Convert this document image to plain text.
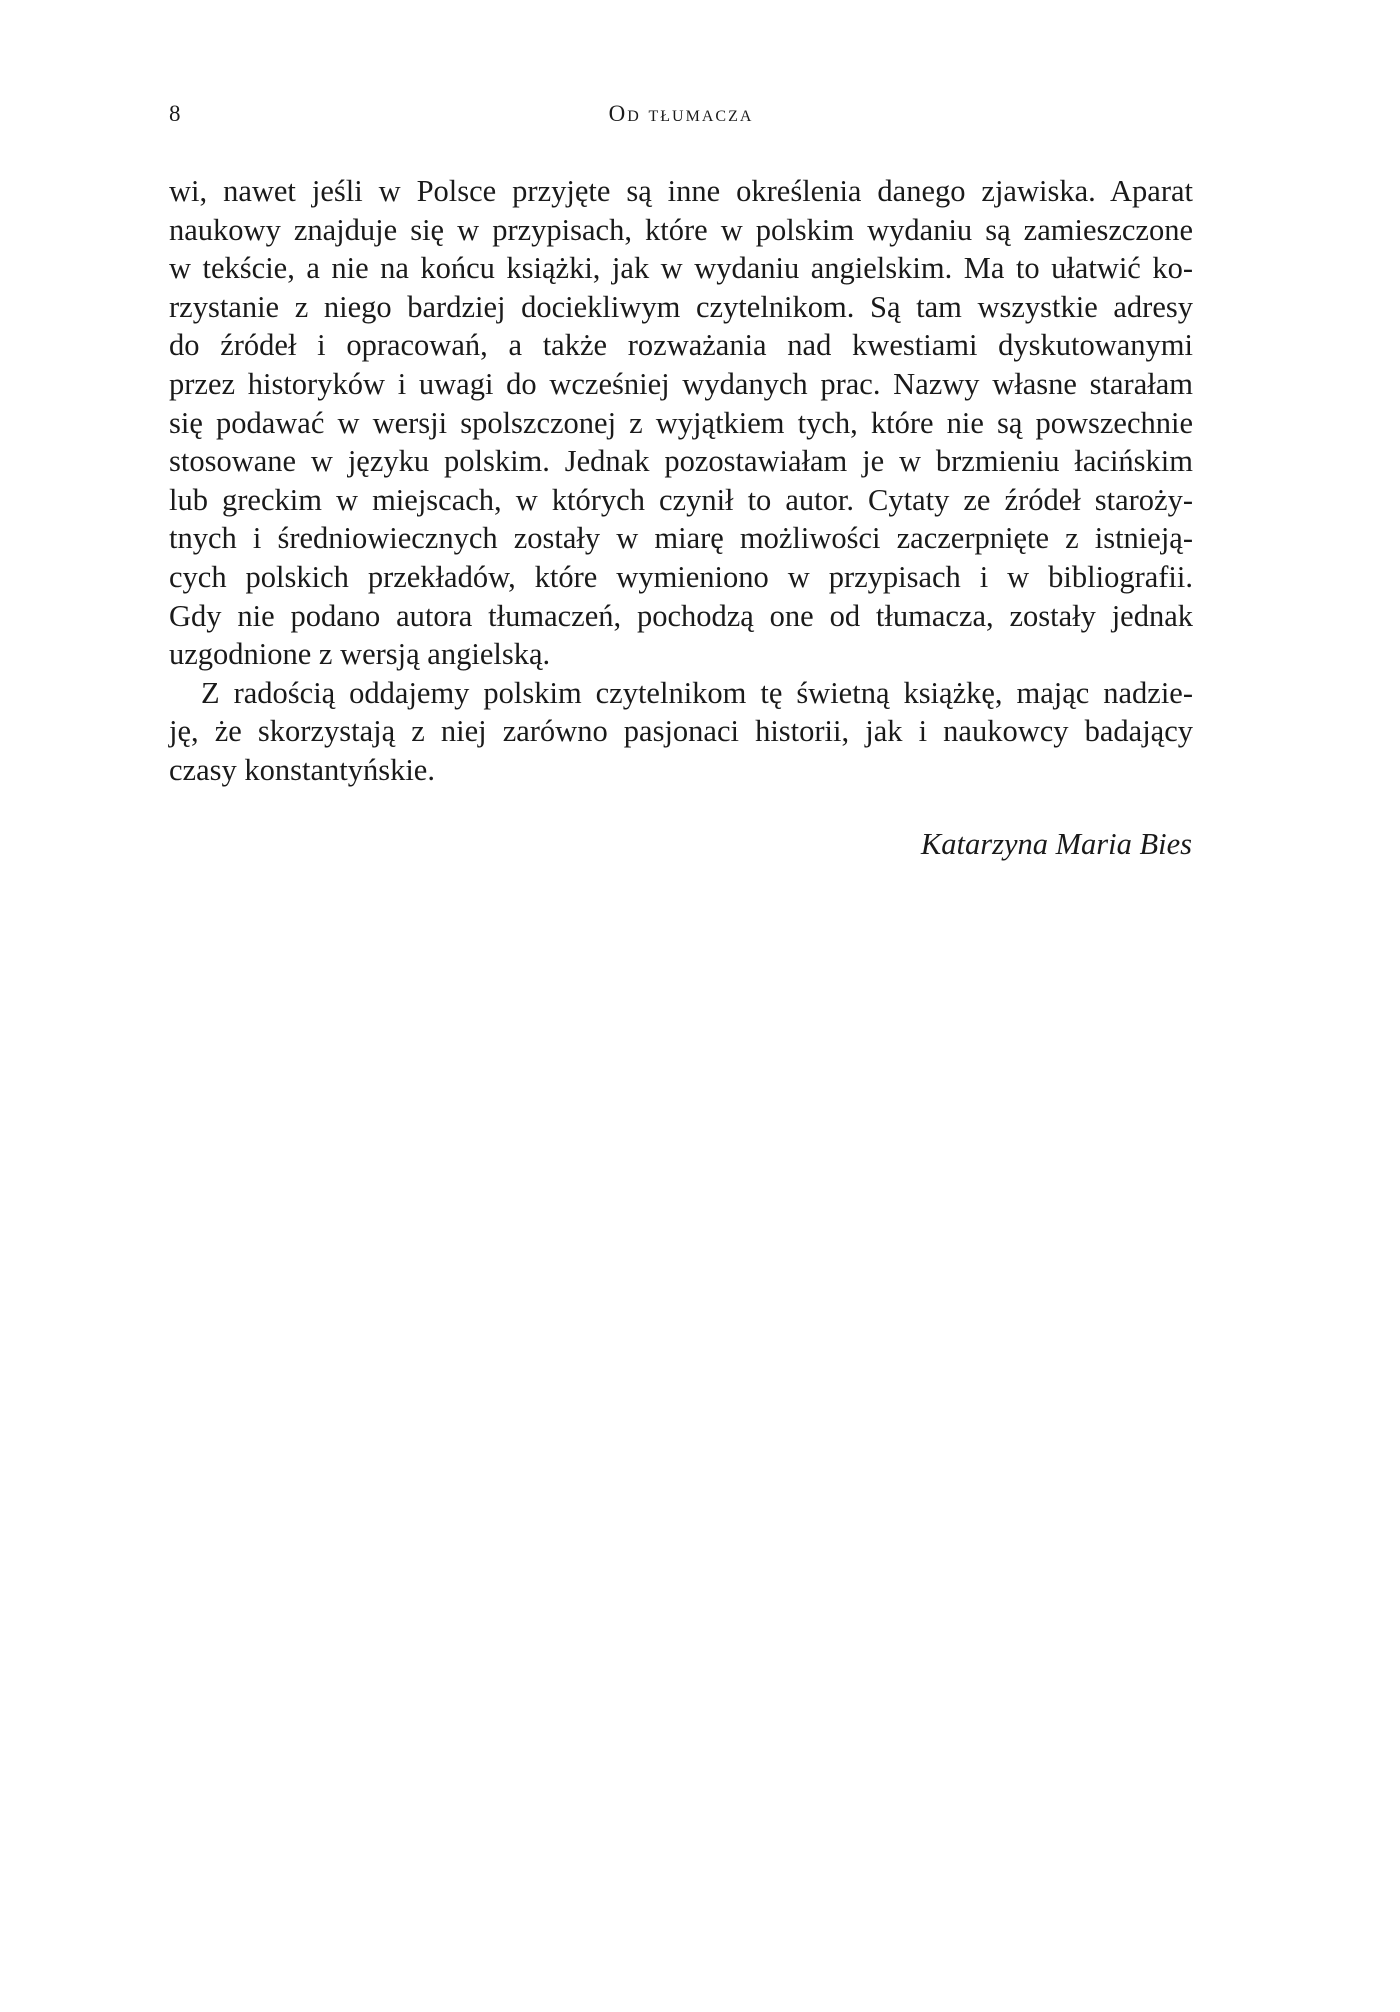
8	Od tłumacza
wi, nawet jeśli w Polsce przyjęte są inne określenia danego zjawiska. Aparat
naukowy znajduje się w przypisach, które w polskim wydaniu są zamieszczone
w tekście, a nie na końcu książki, jak w wydaniu angielskim. Ma to ułatwić ko-
rzystanie z niego bardziej dociekliwym czytelnikom. Są tam wszystkie adresy
do źródeł i opracowań, a także rozważania nad kwestiami dyskutowanymi
przez historyków i uwagi do wcześniej wydanych prac. Nazwy własne starałam
się podawać w wersji spolszczonej z wyjątkiem tych, które nie są powszechnie
stosowane w języku polskim. Jednak pozostawiałam je w brzmieniu łacińskim
lub greckim w miejscach, w których czynił to autor. Cytaty ze źródeł staroży-
tnych i średniowiecznych zostały w miarę możliwości zaczerpnięte z istnieją-
cych polskich przekładów, które wymieniono w przypisach i w bibliografii.
Gdy nie podano autora tłumaczeń, pochodzą one od tłumacza, zostały jednak
uzgodnione z wersją angielską.
Z radością oddajemy polskim czytelnikom tę świetną książkę, mając nadzie-
ję, że skorzystają z niej zarówno pasjonaci historii, jak i naukowcy badający
czasy konstantyńskie.
Katarzyna Maria Bies
